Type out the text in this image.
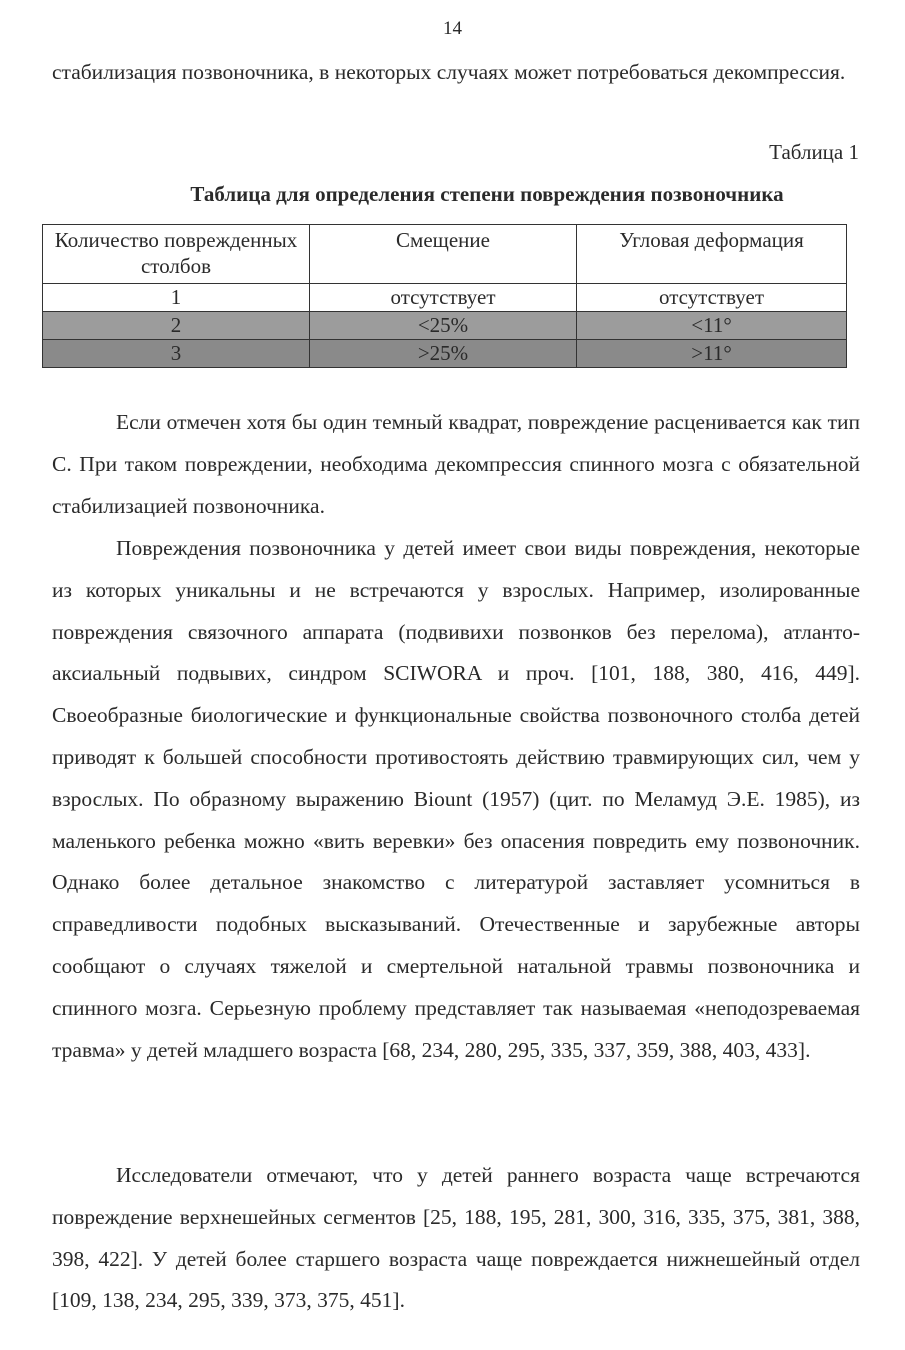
14

стабилизация позвоночника, в некоторых случаях может потребоваться декомпрессия.

Таблица 1
Таблица для определения степени повреждения позвоночника
Количество поврежденных столбов	Смещение	Угловая деформация
1	отсутствует	отсутствует
2	<25%	<11°
3	>25%	>11°

Если отмечен хотя бы один темный квадрат, повреждение расценивается как тип С. При таком повреждении, необходима декомпрессия спинного мозга с обязательной стабилизацией позвоночника.

Повреждения позвоночника у детей имеет свои виды повреждения, некоторые из которых уникальны и не встречаются у взрослых. Например, изолированные повреждения связочного аппарата (подвивихи позвонков без перелома), атланто-аксиальный подвывих, синдром SCIWORA и проч. [101, 188, 380, 416, 449]. Своеобразные биологические и функциональные свойства позвоночного столба детей приводят к большей способности противостоять действию травмирующих сил, чем у взрослых. По образному выражению Biount (1957) (цит. по Меламуд Э.Е. 1985), из маленького ребенка можно «вить веревки» без опасения повредить ему позвоночник. Однако более детальное знакомство с литературой заставляет усомниться в справедливости подобных высказываний. Отечественные и зарубежные авторы сообщают о случаях тяжелой и смертельной натальной травмы позвоночника и спинного мозга. Серьезную проблему представляет так называемая «неподозреваемая травма» у детей младшего возраста [68, 234, 280, 295, 335, 337, 359, 388, 403, 433].

Исследователи отмечают, что у детей раннего возраста чаще встречаются повреждение верхнешейных сегментов [25, 188, 195, 281, 300, 316, 335, 375, 381, 388, 398, 422]. У детей более старшего возраста чаще повреждается нижнешейный отдел [109, 138, 234, 295, 339, 373, 375, 451].
